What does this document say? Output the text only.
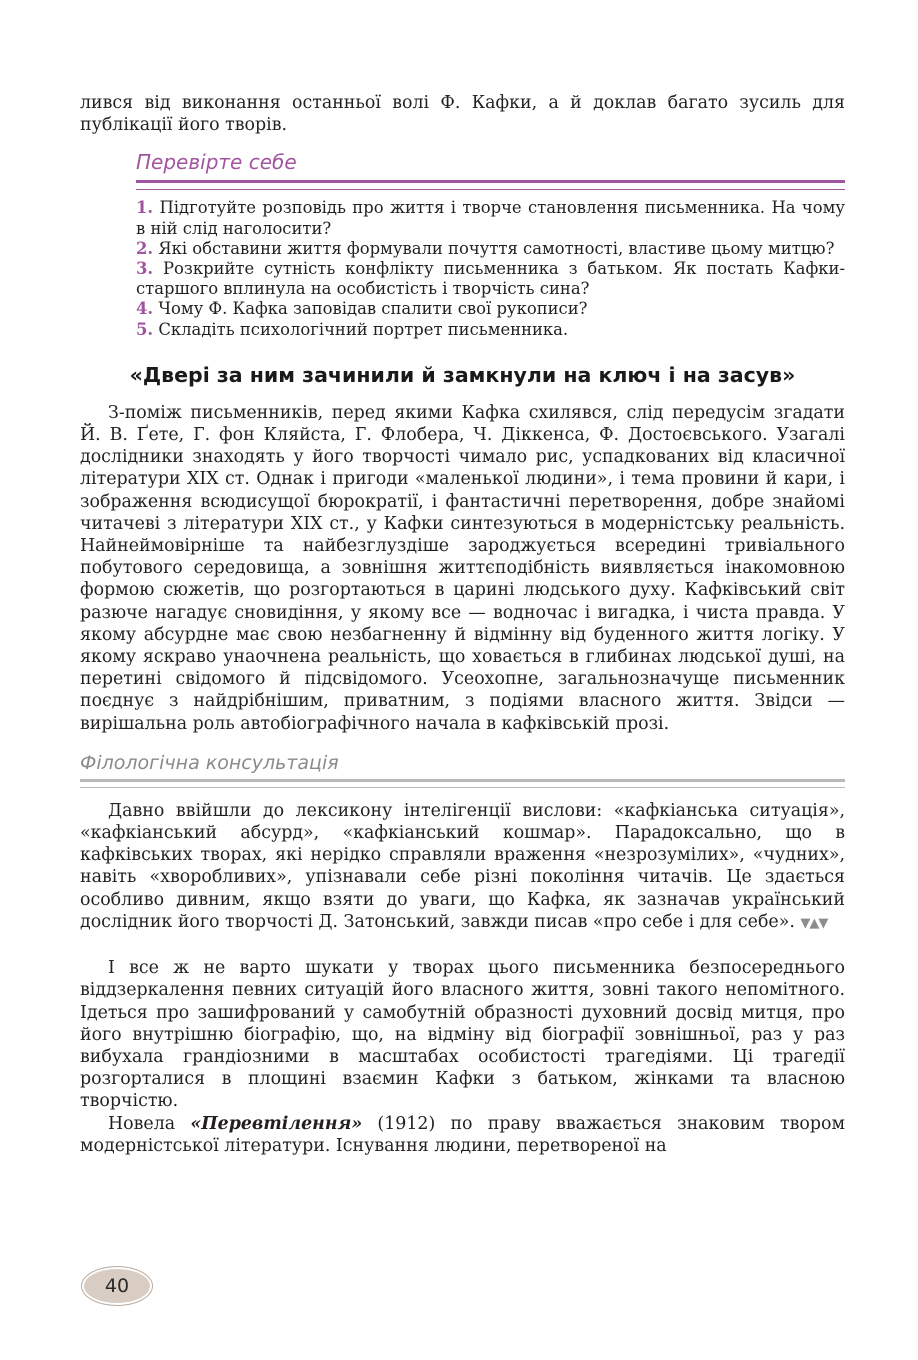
лився від виконання останньої волі Ф. Кафки, а й доклав багато зусиль для публікації його творів.

Перевірте себе
1. Підготуйте розповідь про життя і творче становлення письменника. На чому в ній слід наголосити?
2. Які обставини життя формували почуття самотності, властиве цьому митцю?
3. Розкрийте сутність конфлікту письменника з батьком. Як постать Кафки-старшого вплинула на особистість і творчість сина?
4. Чому Ф. Кафка заповідав спалити свої рукописи?
5. Складіть психологічний портрет письменника.
«Двері за ним зачинили й замкнули на ключ і на засув»

З-поміж письменників, перед якими Кафка схилявся, слід передусім згадати Й. В. Ґете, Г. фон Кляйста, Г. Флобера, Ч. Діккенса, Ф. Достоєвського. Узагалі дослідники знаходять у його творчості чимало рис, успадкованих від класичної літератури XIX ст. Однак і пригоди «маленької людини», і тема провини й кари, і зображення всюдисущої бюрократії, і фантастичні перетворення, добре знайомі читачеві з літератури XIX ст., у Кафки синтезуються в модерністську реальність. Найнеймовірніше та найбезглуздіше зароджується всередині тривіального побутового середовища, а зовнішня життєподібність виявляється інакомовною формою сюжетів, що розгортаються в царині людського духу. Кафківський світ разюче нагадує сновидіння, у якому все — водночас і вигадка, і чиста правда. У якому абсурдне має свою незбагненну й відмінну від буденного життя логіку. У якому яскраво унаочнена реальність, що ховається в глибинах людської душі, на перетині свідомого й підсвідомого. Усеохопне, загальнозначуще письменник поєднує з найдрібнішим, приватним, з подіями власного життя. Звідси — вирішальна роль автобіографічного начала в кафківській прозі.

Філологічна консультація

Давно ввійшли до лексикону інтелігенції вислови: «кафкіанська ситуація», «кафкіанський абсурд», «кафкіанський кошмар». Парадоксально, що в кафківських творах, які нерідко справляли враження «незрозумілих», «чудних», навіть «хворобливих», упізнавали себе різні покоління читачів. Це здається особливо дивним, якщо взяти до уваги, що Кафка, як зазначав український дослідник його творчості Д. Затонський, завжди писав «про себе і для себе». ▼▲▼

І все ж не варто шукати у творах цього письменника безпосереднього віддзеркалення певних ситуацій його власного життя, зовні такого непомітного. Ідеться про зашифрований у самобутній образності духовний досвід митця, про його внутрішню біографію, що, на відміну від біографії зовнішньої, раз у раз вибухала грандіозними в масштабах особистості трагедіями. Ці трагедії розгорталися в площині взаємин Кафки з батьком, жінками та власною творчістю.

Новела «Перевтілення» (1912) по праву вважається знаковим твором модерністської літератури. Існування людини, перетвореної на

40
